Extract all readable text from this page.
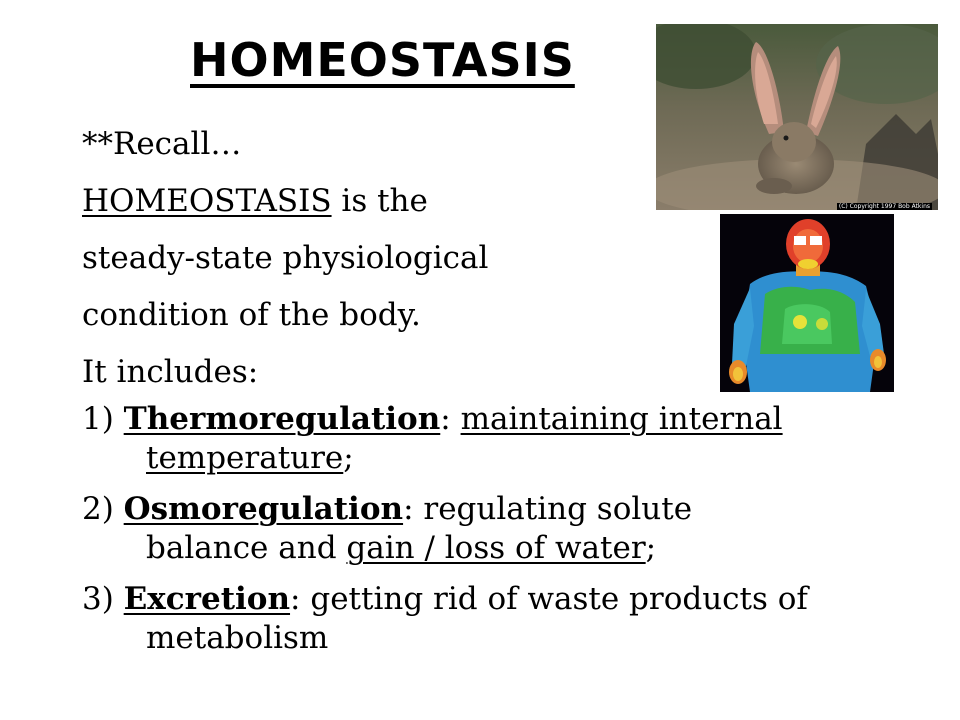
HOMEOSTASIS
**Recall…
HOMEOSTASIS is the
steady-state physiological
condition of the body.
It includes:
1) Thermoregulation: maintaining internal
temperature;
2) Osmoregulation: regulating solute
balance and gain / loss of water;
3) Excretion: getting rid of waste products of
metabolism
(C) Copyright 1997 Bob Atkins
